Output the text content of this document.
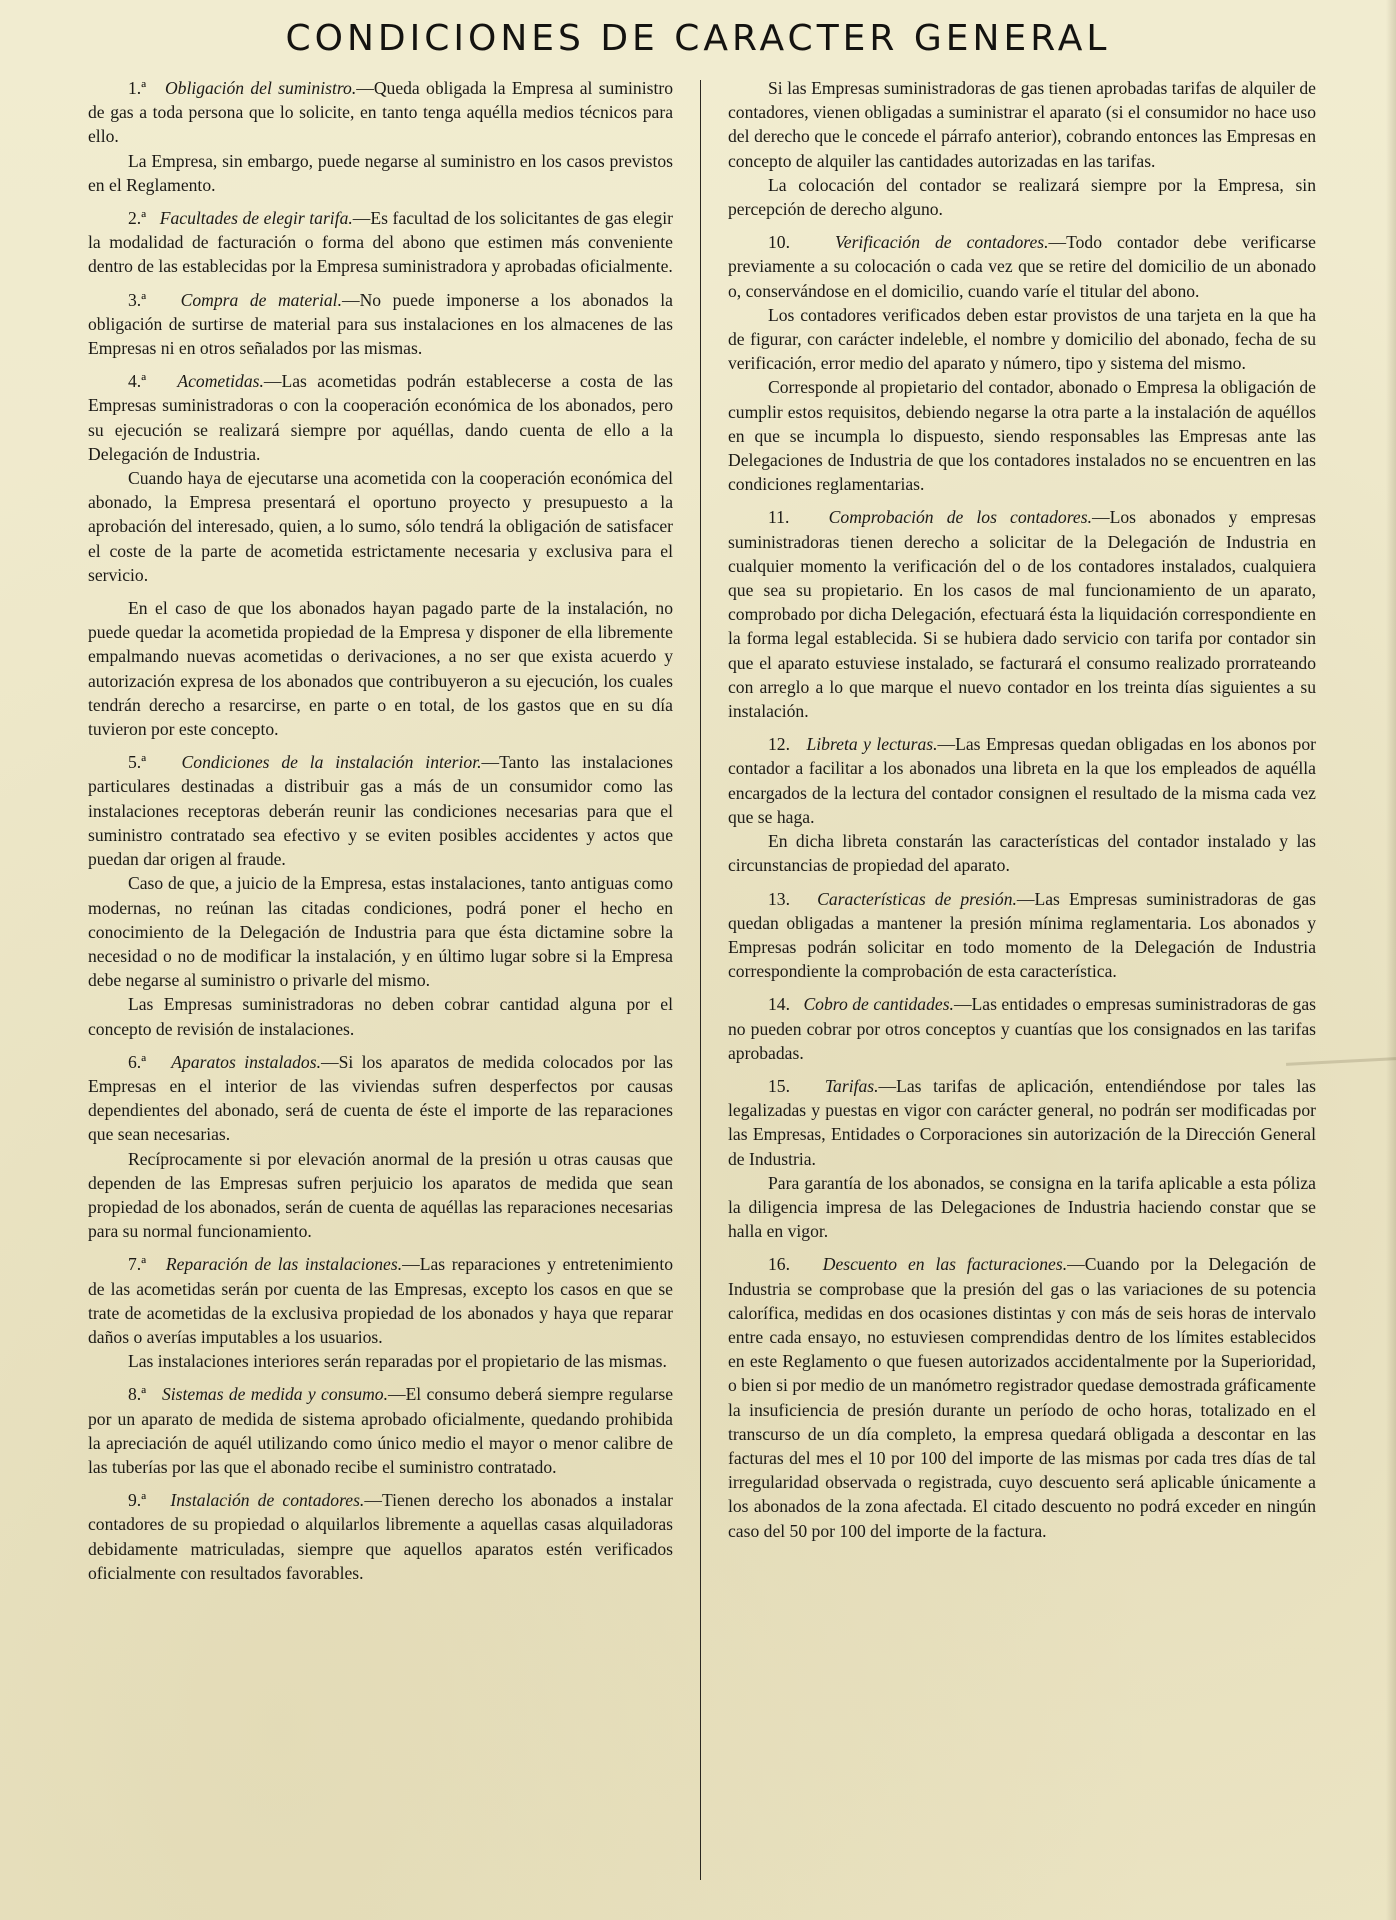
CONDICIONES DE CARACTER GENERAL

1.ª Obligación del suministro.—Queda obligada la Empresa al suministro de gas a toda persona que lo solicite, en tanto tenga aquélla medios técnicos para ello.

La Empresa, sin embargo, puede negarse al suministro en los casos previstos en el Reglamento.

2.ª Facultades de elegir tarifa.—Es facultad de los solicitantes de gas elegir la modalidad de facturación o forma del abono que estimen más conveniente dentro de las establecidas por la Empresa suministradora y aprobadas oficialmente.

3.ª Compra de material.—No puede imponerse a los abonados la obligación de surtirse de material para sus instalaciones en los almacenes de las Empresas ni en otros señalados por las mismas.

4.ª Acometidas.—Las acometidas podrán establecerse a costa de las Empresas suministradoras o con la cooperación económica de los abonados, pero su ejecución se realizará siempre por aquéllas, dando cuenta de ello a la Delegación de Industria.

Cuando haya de ejecutarse una acometida con la cooperación económica del abonado, la Empresa presentará el oportuno proyecto y presupuesto a la aprobación del interesado, quien, a lo sumo, sólo tendrá la obligación de satisfacer el coste de la parte de acometida estrictamente necesaria y exclusiva para el servicio.

En el caso de que los abonados hayan pagado parte de la instalación, no puede quedar la acometida propiedad de la Empresa y disponer de ella libremente empalmando nuevas acometidas o derivaciones, a no ser que exista acuerdo y autorización expresa de los abonados que contribuyeron a su ejecución, los cuales tendrán derecho a resarcirse, en parte o en total, de los gastos que en su día tuvieron por este concepto.

5.ª Condiciones de la instalación interior.—Tanto las instalaciones particulares destinadas a distribuir gas a más de un consumidor como las instalaciones receptoras deberán reunir las condiciones necesarias para que el suministro contratado sea efectivo y se eviten posibles accidentes y actos que puedan dar origen al fraude.

Caso de que, a juicio de la Empresa, estas instalaciones, tanto antiguas como modernas, no reúnan las citadas condiciones, podrá poner el hecho en conocimiento de la Delegación de Industria para que ésta dictamine sobre la necesidad o no de modificar la instalación, y en último lugar sobre si la Empresa debe negarse al suministro o privarle del mismo.

Las Empresas suministradoras no deben cobrar cantidad alguna por el concepto de revisión de instalaciones.

6.ª Aparatos instalados.—Si los aparatos de medida colocados por las Empresas en el interior de las viviendas sufren desperfectos por causas dependientes del abonado, será de cuenta de éste el importe de las reparaciones que sean necesarias.

Recíprocamente si por elevación anormal de la presión u otras causas que dependen de las Empresas sufren perjuicio los aparatos de medida que sean propiedad de los abonados, serán de cuenta de aquéllas las reparaciones necesarias para su normal funcionamiento.

7.ª Reparación de las instalaciones.—Las reparaciones y entretenimiento de las acometidas serán por cuenta de las Empresas, excepto los casos en que se trate de acometidas de la exclusiva propiedad de los abonados y haya que reparar daños o averías imputables a los usuarios.

Las instalaciones interiores serán reparadas por el propietario de las mismas.

8.ª Sistemas de medida y consumo.—El consumo deberá siempre regularse por un aparato de medida de sistema aprobado oficialmente, quedando prohibida la apreciación de aquél utilizando como único medio el mayor o menor calibre de las tuberías por las que el abonado recibe el suministro contratado.

9.ª Instalación de contadores.—Tienen derecho los abonados a instalar contadores de su propiedad o alquilarlos libremente a aquellas casas alquiladoras debidamente matriculadas, siempre que aquellos aparatos estén verificados oficialmente con resultados favorables.

Si las Empresas suministradoras de gas tienen aprobadas tarifas de alquiler de contadores, vienen obligadas a suministrar el aparato (si el consumidor no hace uso del derecho que le concede el párrafo anterior), cobrando entonces las Empresas en concepto de alquiler las cantidades autorizadas en las tarifas.

La colocación del contador se realizará siempre por la Empresa, sin percepción de derecho alguno.

10.	Verificación de contadores.—Todo contador debe verificarse previamente a su colocación o cada vez que se retire del domicilio de un abonado o, conservándose en el domicilio, cuando varíe el titular del abono.

Los contadores verificados deben estar provistos de una tarjeta en la que ha de figurar, con carácter indeleble, el nombre y domicilio del abonado, fecha de su verificación, error medio del aparato y número, tipo y sistema del mismo.

Corresponde al propietario del contador, abonado o Empresa la obligación de cumplir estos requisitos, debiendo negarse la otra parte a la instalación de aquéllos en que se incumpla lo dispuesto, siendo responsables las Empresas ante las Delegaciones de Industria de que los contadores instalados no se encuentren en las condiciones reglamentarias.

11. Comprobación de los contadores.—Los abonados y empresas suministradoras tienen derecho a solicitar de la Delegación de Industria en cualquier momento la verificación del o de los contadores instalados, cualquiera que sea su propietario. En los casos de mal funcionamiento de un aparato, comprobado por dicha Delegación, efectuará ésta la liquidación correspondiente en la forma legal establecida. Si se hubiera dado servicio con tarifa por contador sin que el aparato estuviese instalado, se facturará el consumo realizado prorrateando con arreglo a lo que marque el nuevo contador en los treinta días siguientes a su instalación.

12. Libreta y lecturas.—Las Empresas quedan obligadas en los abonos por contador a facilitar a los abonados una libreta en la que los empleados de aquélla encargados de la lectura del contador consignen el resultado de la misma cada vez que se haga.

En dicha libreta constarán las características del contador instalado y las circunstancias de propiedad del aparato.

13. Características de presión.—Las Empresas suministradoras de gas quedan obligadas a mantener la presión mínima reglamentaria. Los abonados y Empresas podrán solicitar en todo momento de la Delegación de Industria correspondiente la comprobación de esta característica.

14. Cobro de cantidades.—Las entidades o empresas suministradoras de gas no pueden cobrar por otros conceptos y cuantías que los consignados en las tarifas aprobadas.

15. Tarifas.—Las tarifas de aplicación, entendiéndose por tales las legalizadas y puestas en vigor con carácter general, no podrán ser modificadas por las Empresas, Entidades o Corporaciones sin autorización de la Dirección General de Industria.

Para garantía de los abonados, se consigna en la tarifa aplicable a esta póliza la diligencia impresa de las Delegaciones de Industria haciendo constar que se halla en vigor.

16. Descuento en las facturaciones.—Cuando por la Delegación de Industria se comprobase que la presión del gas o las variaciones de su potencia calorífica, medidas en dos ocasiones distintas y con más de seis horas de intervalo entre cada ensayo, no estuviesen comprendidas dentro de los límites establecidos en este Reglamento o que fuesen autorizados accidentalmente por la Superioridad, o bien si por medio de un manómetro registrador quedase demostrada gráficamente la insuficiencia de presión durante un período de ocho horas, totalizado en el transcurso de un día completo, la empresa quedará obligada a descontar en las facturas del mes el 10 por 100 del importe de las mismas por cada tres días de tal irregularidad observada o registrada, cuyo descuento será aplicable únicamente a los abonados de la zona afectada. El citado descuento no podrá exceder en ningún caso del 50 por 100 del importe de la factura.
